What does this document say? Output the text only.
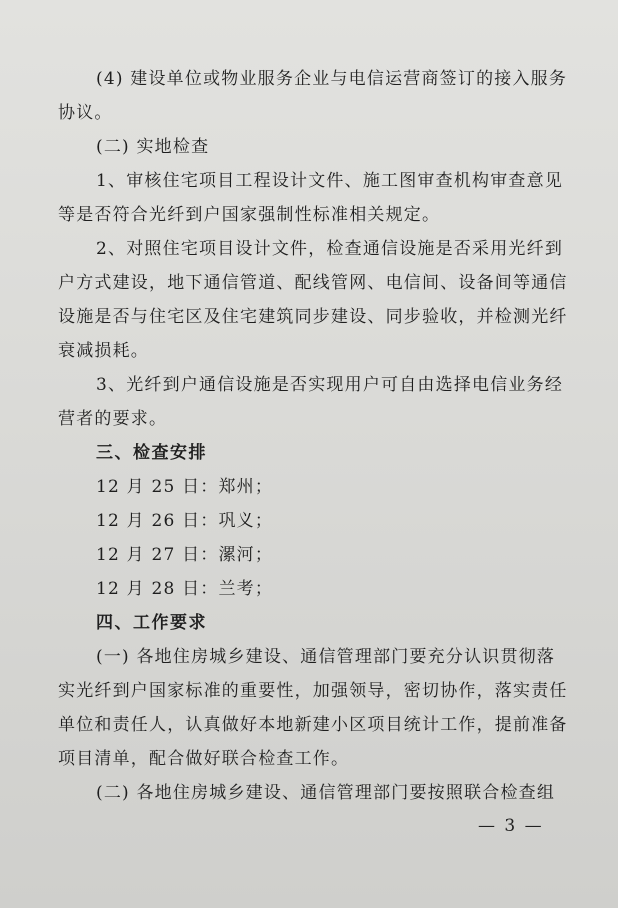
(4) 建设单位或物业服务企业与电信运营商签订的接入服务
协议。
(二) 实地检查
1、审核住宅项目工程设计文件、施工图审查机构审查意见
等是否符合光纤到户国家强制性标准相关规定。
2、对照住宅项目设计文件，检查通信设施是否采用光纤到
户方式建设，地下通信管道、配线管网、电信间、设备间等通信
设施是否与住宅区及住宅建筑同步建设、同步验收，并检测光纤
衰减损耗。
3、光纤到户通信设施是否实现用户可自由选择电信业务经
营者的要求。
三、检查安排
12 月 25 日：郑州；
12 月 26 日：巩义；
12 月 27 日：漯河；
12 月 28 日：兰考；
四、工作要求
(一) 各地住房城乡建设、通信管理部门要充分认识贯彻落
实光纤到户国家标准的重要性，加强领导，密切协作，落实责任
单位和责任人，认真做好本地新建小区项目统计工作，提前准备
项目清单，配合做好联合检查工作。
(二) 各地住房城乡建设、通信管理部门要按照联合检查组
— 3 —
